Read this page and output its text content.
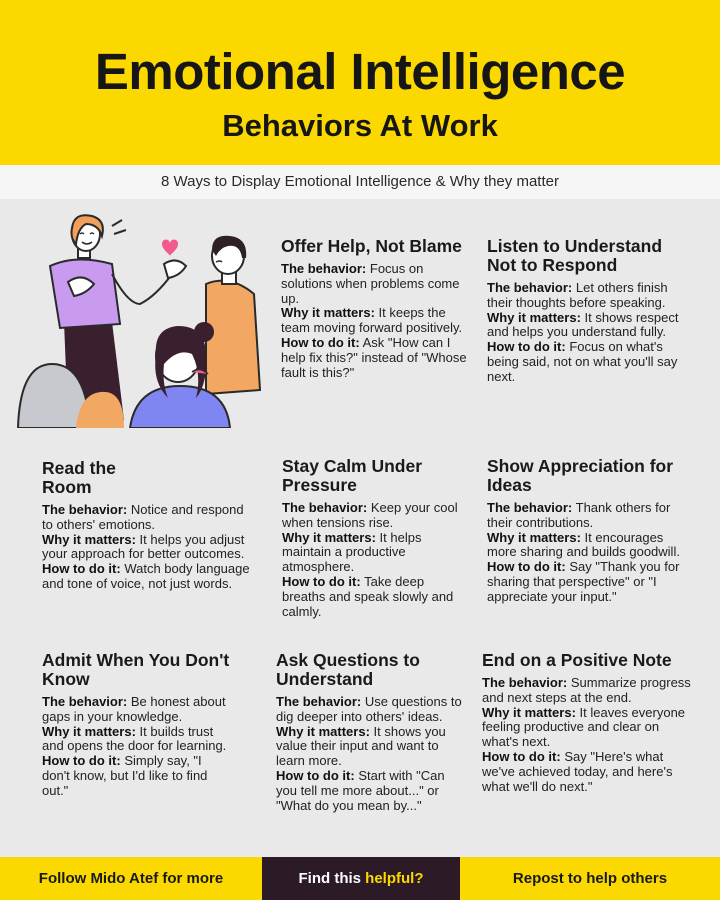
Emotional Intelligence
Behaviors At Work
8 Ways to Display Emotional Intelligence & Why they matter
Offer Help, Not Blame

The behavior: Focus on solutions when problems come up.

Why it matters: It keeps the team moving forward positively.

How to do it: Ask "How can I help fix this?" instead of "Whose fault is this?"

Listen to Understand Not to Respond

The behavior: Let others finish their thoughts before speaking.

Why it matters: It shows respect and helps you understand fully.

How to do it: Focus on what's being said, not on what you'll say next.

Read the Room

The behavior: Notice and respond to others' emotions.

Why it matters: It helps you adjust your approach for better outcomes.

How to do it: Watch body language and tone of voice, not just words.

Stay Calm Under Pressure

The behavior: Keep your cool when tensions rise.

Why it matters: It helps maintain a productive atmosphere.

How to do it: Take deep breaths and speak slowly and calmly.

Show Appreciation for Ideas

The behavior: Thank others for their contributions.

Why it matters: It encourages more sharing and builds goodwill.

How to do it: Say "Thank you for sharing that perspective" or "I appreciate your input."

Admit When You Don't Know

The behavior: Be honest about gaps in your knowledge.

Why it matters: It builds trust and opens the door for learning.

How to do it: Simply say, "I don't know, but I'd like to find out."

Ask Questions to Understand

The behavior: Use questions to dig deeper into others' ideas.

Why it matters: It shows you value their input and want to learn more.

How to do it: Start with "Can you tell me more about..." or "What do you mean by..."

End on a Positive Note

The behavior: Summarize progress and next steps at the end.

Why it matters: It leaves everyone feeling productive and clear on what's next.

How to do it: Say "Here's what we've achieved today, and here's what we'll do next."

Follow Mido Atef for more	Find this helpful?	Repost to help others
